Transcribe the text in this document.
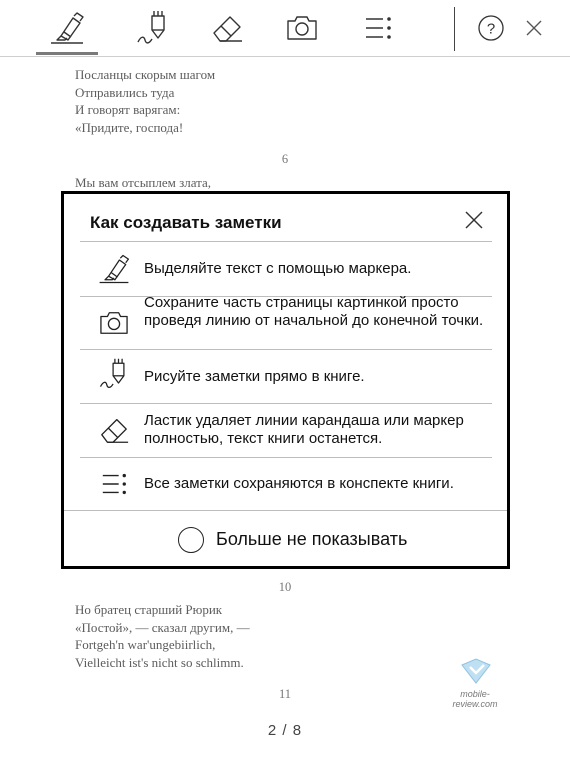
?
Посланцы скорым шагом
Отправились туда
И говорят варягам:
«Придите, господа!
6
Мы вам отсыплем злата,
10
Но братец старший Рюрик
«Постой», — сказал другим, —
Fortgeh'n war'ungebiirlich,
Vielleicht ist's nicht so schlimm.
11	mobile-review.com
Как создавать заметки
Выделяйте текст с помощью маркера.
Сохраните часть страницы картинкой просто проведя линию от начальной до конечной точки.
Рисуйте заметки прямо в книге.
Ластик удаляет линии карандаша или маркер полностью, текст книги останется.
Все заметки сохраняются в конспекте книги.
Больше не показывать
2 / 8
